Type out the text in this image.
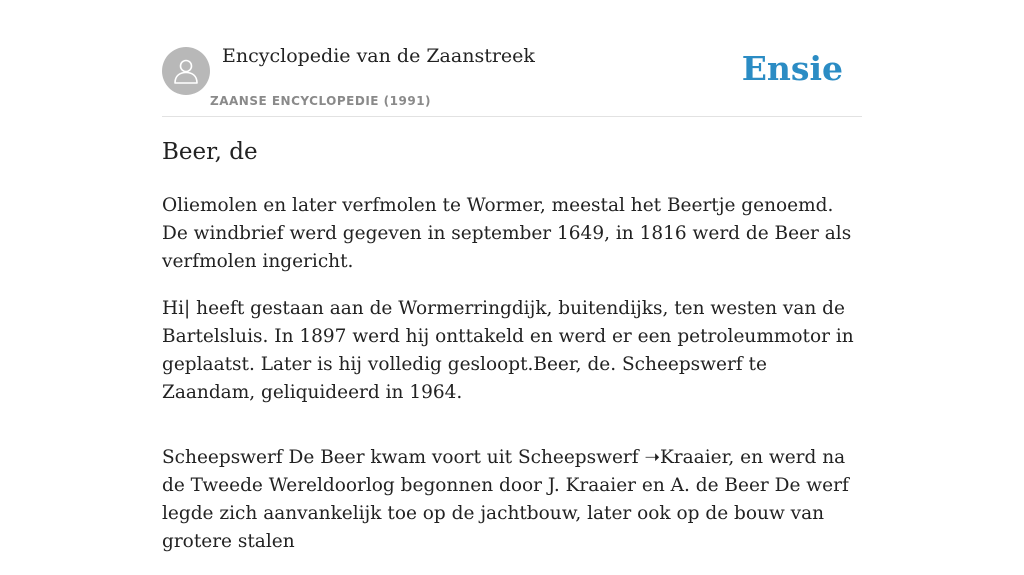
Encyclopedie van de Zaanstreek
ZAANSE ENCYCLOPEDIE (1991)
Ensie
Beer, de

Oliemolen en later verfmolen te Wormer, meestal het Beertje genoemd. De windbrief werd gegeven in september 1649, in 1816 werd de Beer als verfmolen ingericht.

Hi| heeft gestaan aan de Wormerringdijk, buitendijks, ten westen van de Bartelsluis. In 1897 werd hij onttakeld en werd er een petroleummotor in geplaatst. Later is hij volledig gesloopt.Beer, de. Scheepswerf te Zaandam, geliquideerd in 1964.

Scheepswerf De Beer kwam voort uit Scheepswerf ➝Kraaier, en werd na de Tweede Wereldoorlog begonnen door J. Kraaier en A. de Beer De werf legde zich aanvankelijk toe op de jachtbouw, later ook op de bouw van grotere stalen
